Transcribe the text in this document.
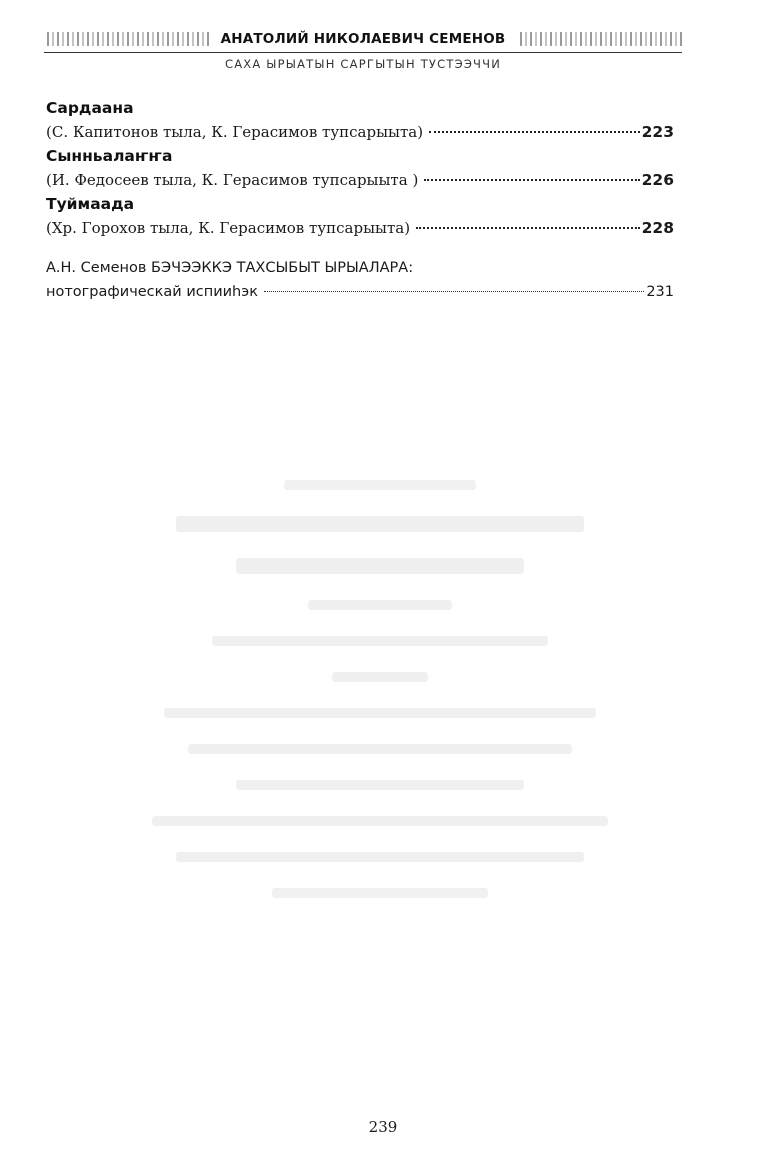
АНАТОЛИЙ НИКОЛАЕВИЧ СЕМЕНОВ
САХА ЫРЫАТЫН САРГЫТЫН ТУСТЭЭЧЧИ
Сардаана
(С. Капитонов тыла, К. Герасимов тупсарыыта)	223
Сынньалаҥҥа
(И. Федосеев тыла, К. Герасимов тупсарыыта )	226
Туймаада
(Хр. Горохов тыла, К. Герасимов тупсарыыта)	228
А.Н. Семенов БЭЧЭЭККЭ ТАХСЫБЫТ ЫРЫАЛАРА:
нотографическай испииһэк	231
239
